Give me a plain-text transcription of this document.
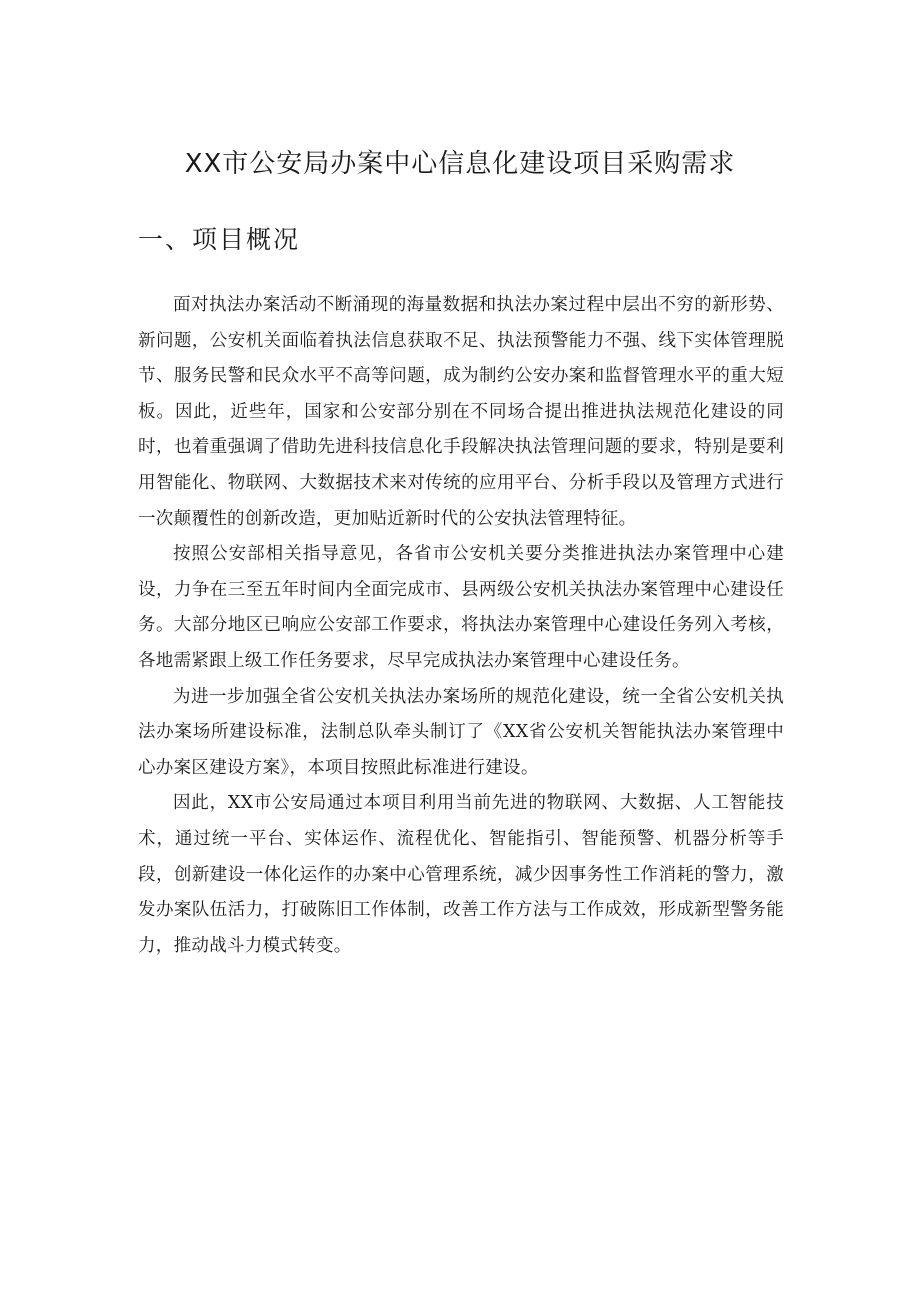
XX市公安局办案中心信息化建设项目采购需求
一、项目概况

面对执法办案活动不断涌现的海量数据和执法办案过程中层出不穷的新形势、新问题，公安机关面临着执法信息获取不足、执法预警能力不强、线下实体管理脱节、服务民警和民众水平不高等问题，成为制约公安办案和监督管理水平的重大短板。因此，近些年，国家和公安部分别在不同场合提出推进执法规范化建设的同时，也着重强调了借助先进科技信息化手段解决执法管理问题的要求，特别是要利用智能化、物联网、大数据技术来对传统的应用平台、分析手段以及管理方式进行一次颠覆性的创新改造，更加贴近新时代的公安执法管理特征。

按照公安部相关指导意见，各省市公安机关要分类推进执法办案管理中心建设，力争在三至五年时间内全面完成市、县两级公安机关执法办案管理中心建设任务。大部分地区已响应公安部工作要求，将执法办案管理中心建设任务列入考核，各地需紧跟上级工作任务要求，尽早完成执法办案管理中心建设任务。

为进一步加强全省公安机关执法办案场所的规范化建设，统一全省公安机关执法办案场所建设标准，法制总队牵头制订了《XX省公安机关智能执法办案管理中心办案区建设方案》，本项目按照此标准进行建设。

因此，XX市公安局通过本项目利用当前先进的物联网、大数据、人工智能技术，通过统一平台、实体运作、流程优化、智能指引、智能预警、机器分析等手段，创新建设一体化运作的办案中心管理系统，减少因事务性工作消耗的警力，激发办案队伍活力，打破陈旧工作体制，改善工作方法与工作成效，形成新型警务能力，推动战斗力模式转变。
